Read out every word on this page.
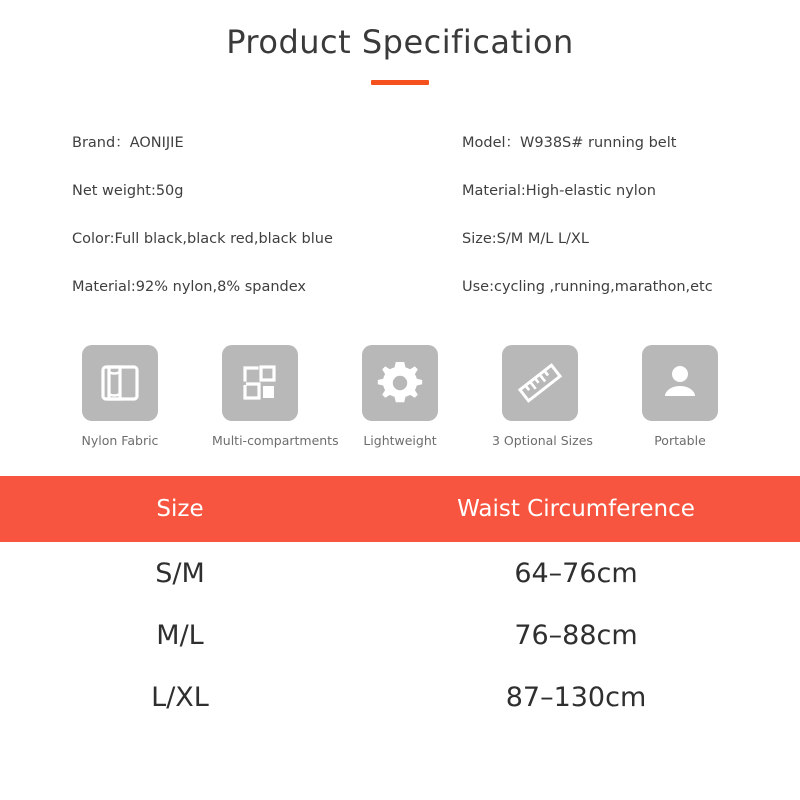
Product Specification
Brand：AONIJIE	Model：W938S# running belt
Net weight:50g	Material:High-elastic nylon
Color:Full black,black red,black blue	Size:S/M M/L L/XL
Material:92% nylon,8% spandex	Use:cycling ,running,marathon,etc
Nylon Fabric	Multi-compartments	Lightweight	3 Optional Sizes	Portable
Size	Waist Circumference
S/M	64–76cm
M/L	76–88cm
L/XL	87–130cm
